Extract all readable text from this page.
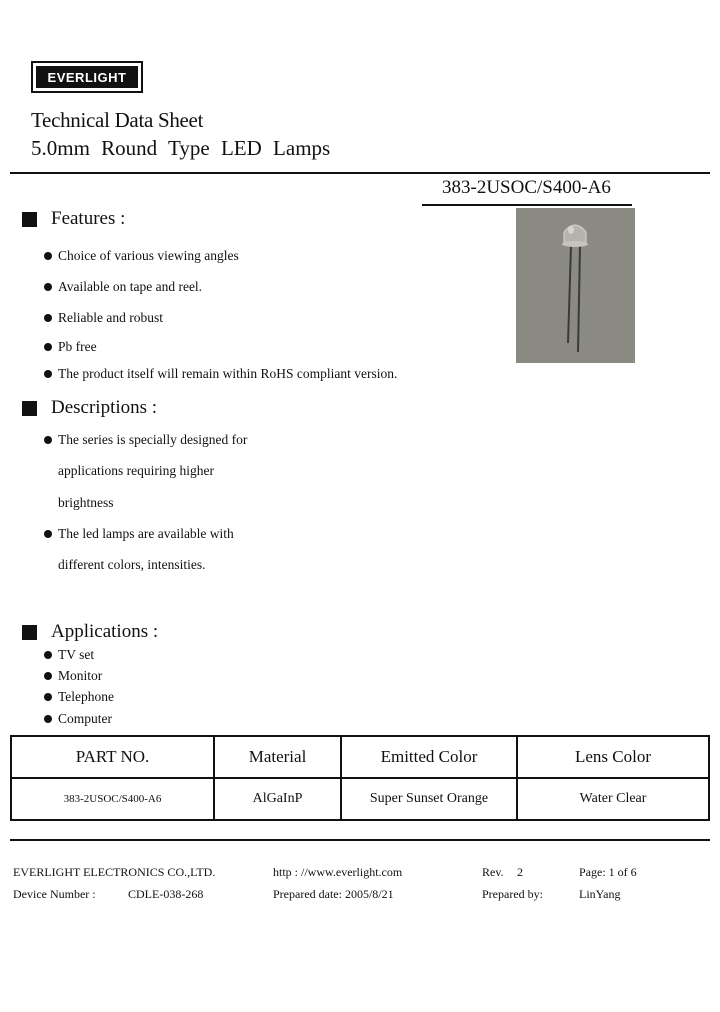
EVERLIGHT
Technical Data Sheet
5.0mm Round Type LED Lamps
383-2USOC/S400-A6
Features :
Choice of various viewing angles
Available on tape and reel.
Reliable and robust
Pb free
The product itself will remain within RoHS compliant version.
Descriptions :
The series is specially designed for
applications requiring higher
brightness
The led lamps are available with
different colors, intensities.
Applications :
TV set
Monitor
Telephone
Computer
PART NO.	Material	Emitted Color	Lens Color
383-2USOC/S400-A6	AlGaInP	Super Sunset Orange	Water Clear
EVERLIGHT ELECTRONICS CO.,LTD.	http : //www.everlight.com	Rev. 2	Page: 1 of 6
Device Number :	CDLE-038-268	Prepared date: 2005/8/21	Prepared by:	LinYang
